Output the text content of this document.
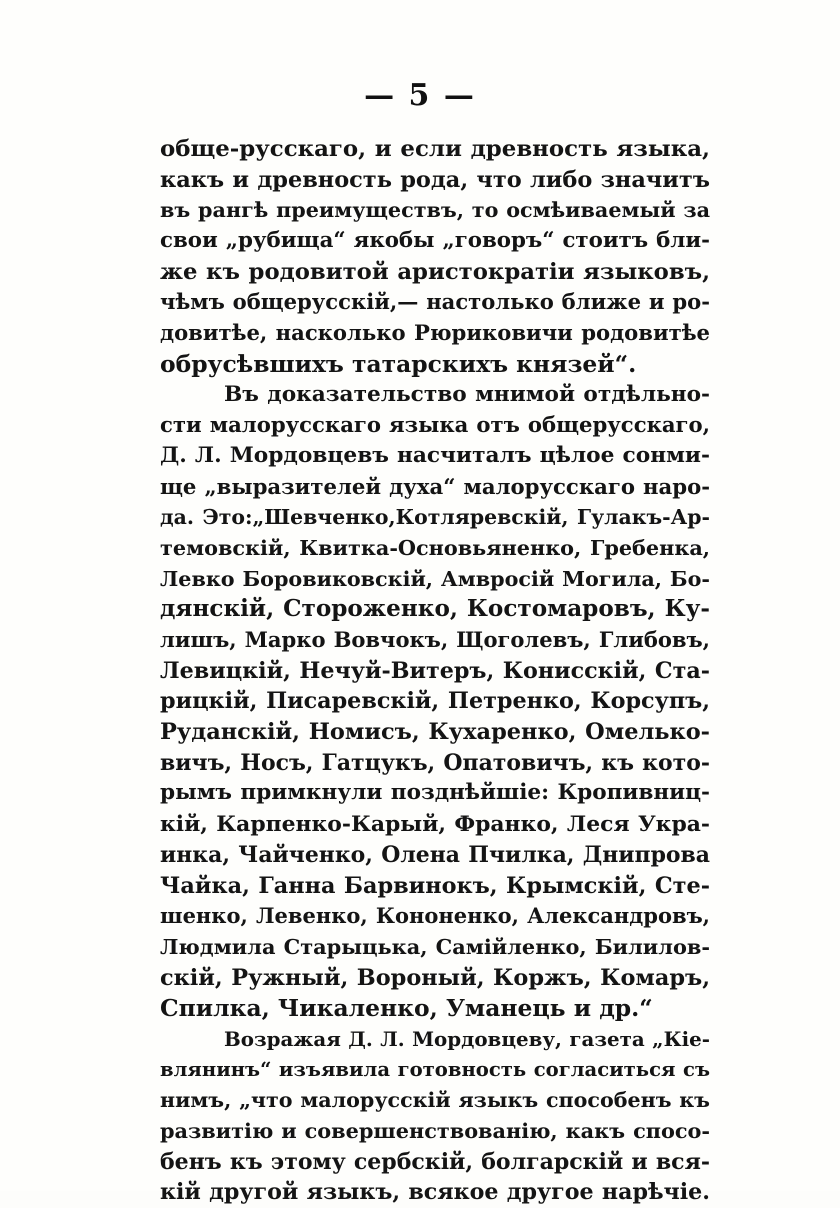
— 5 —
обще-русскаго, и если древность языка,
какъ и древность рода, что либо значитъ
въ рангѣ преимуществъ, то осмѣиваемый за
свои „рубища“ якобы „говоръ“ стоитъ бли-
же къ родовитой аристократiи языковъ,
чѣмъ общерусскiй,— настолько ближе и ро-
довитѣе, насколько Рюриковичи родовитѣе
обрусѣвшихъ татарскихъ князей“.
Въ доказательство мнимой отдѣльно-
сти малорусскаго языка отъ общерусскаго,
Д. Л. Мордовцевъ насчиталъ цѣлое сонми-
ще „выразителей духа“ малорусскаго наро-
да. Это:„Шевченко,Котляревскiй, Гулакъ-Ар-
темовскiй, Квитка-Основьяненко, Гребенка,
Левко Боровиковскiй, Амвросiй Могила, Бо-
дянскiй, Стороженко, Костомаровъ, Ку-
лишъ, Марко Вовчокъ, Щоголевъ, Глибовъ,
Левицкiй, Нечуй-Витеръ, Конисскiй, Ста-
рицкiй, Писаревскiй, Петренко, Корсупъ,
Руданскiй, Номисъ, Кухаренко, Омелько-
вичъ, Носъ, Гатцукъ, Опатовичъ, къ кото-
рымъ примкнули позднѣйшiе: Кропивниц-
кiй, Карпенко-Карый, Франко, Леся Укра-
инка, Чайченко, Олена Пчилка, Днипрова
Чайка, Ганна Барвинокъ, Крымскiй, Сте-
шенко, Левенко, Кононенко, Александровъ,
Людмила Старыцька, Самiйленко, Билилов-
скiй, Ружный, Вороный, Коржъ, Комаръ,
Спилка, Чикаленко, Уманець и др.“
Возражая Д. Л. Мордовцеву, газета „Кiе-
влянинъ“ изъявила готовность согласиться съ
нимъ, „что малорусскiй языкъ способенъ къ
развитiю и совершенствованiю, какъ спосо-
бенъ къ этому сербскiй, болгарскiй и вся-
кiй другой языкъ, всякое другое нарѣчiе.
